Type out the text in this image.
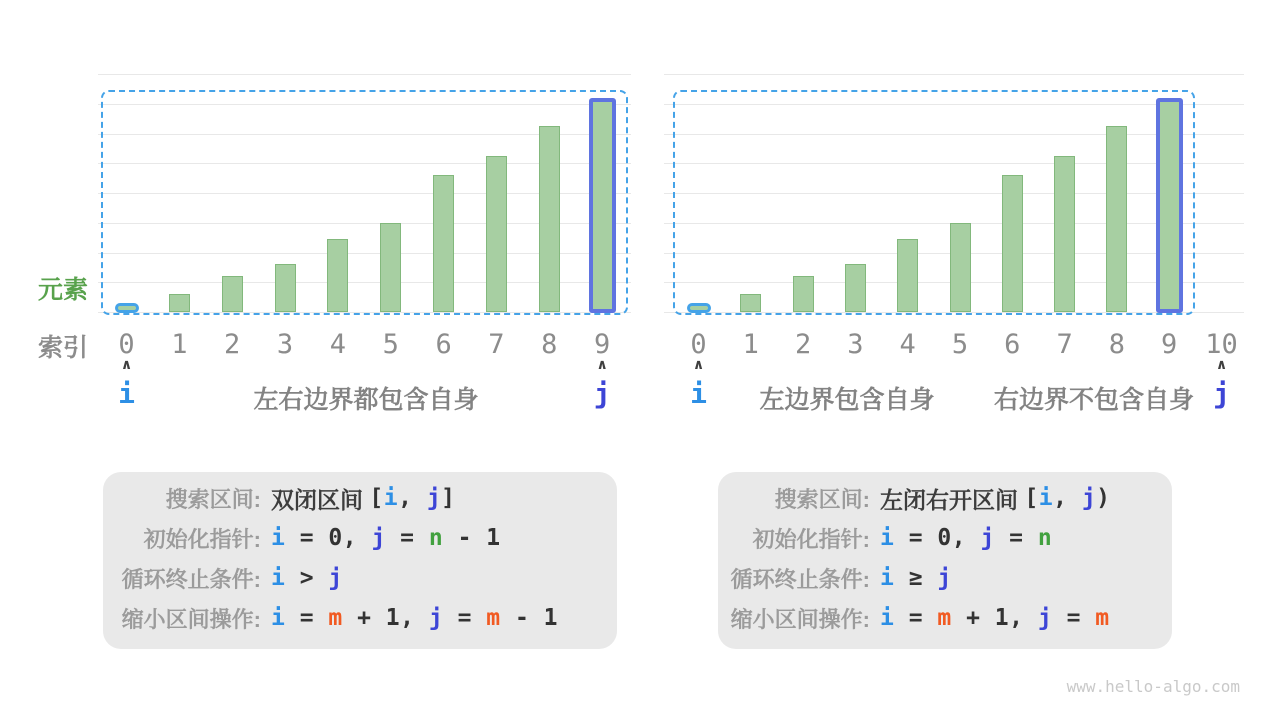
元素
索引
搜索区间: 双闭区间 [ i , j ]
初始化指针: i = 0, j = n - 1
循环终止条件: i > j
缩小区间操作: i = m + 1, j = m - 1
搜索区间: 左闭右开区间 [ i , j )
初始化指针: i = 0, j = n
循环终止条件: i ≥ j
缩小区间操作: i = m + 1, j = m
www.hello-algo.com
0 1 2 3 4 5 6 7 8 9
∧
i
∧
j
左右边界都包含自身
0 1 2 3 4 5 6 7 8 9 10
∧
i
∧
j
左边界包含自身 右边界不包含自身
